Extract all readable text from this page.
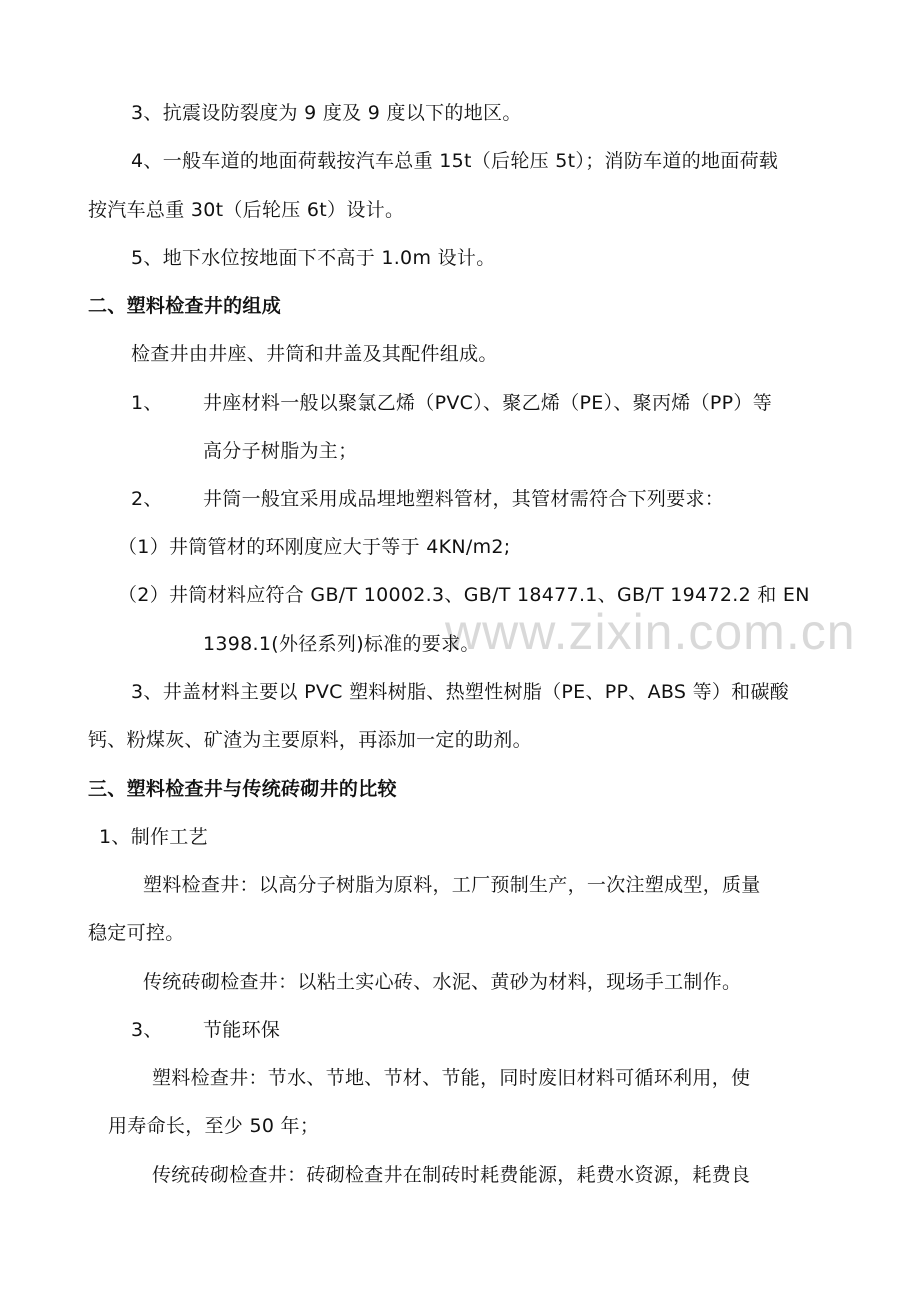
www.zixin.com.cn
3、抗震设防裂度为 9 度及 9 度以下的地区。
4、一般车道的地面荷载按汽车总重 15t（后轮压 5t）；消防车道的地面荷载
按汽车总重 30t（后轮压 6t）设计。
5、地下水位按地面下不高于 1.0m 设计。
二、塑料检查井的组成
检查井由井座、井筒和井盖及其配件组成。
1、 井座材料一般以聚氯乙烯（PVC）、聚乙烯（PE）、聚丙烯（PP）等
高分子树脂为主；
2、 井筒一般宜采用成品埋地塑料管材，其管材需符合下列要求：
（1）井筒管材的环刚度应大于等于 4KN/m2;
（2）井筒材料应符合 GB/T 10002.3、GB/T 18477.1、GB/T 19472.2 和 EN
1398.1(外径系列)标准的要求。
3、井盖材料主要以 PVC 塑料树脂、热塑性树脂（PE、PP、ABS 等）和碳酸
钙、粉煤灰、矿渣为主要原料，再添加一定的助剂。
三、塑料检查井与传统砖砌井的比较
1、制作工艺
塑料检查井：以高分子树脂为原料，工厂预制生产，一次注塑成型，质量
稳定可控。
传统砖砌检查井：以粘土实心砖、水泥、黄砂为材料，现场手工制作。
3、 节能环保
塑料检查井：节水、节地、节材、节能，同时废旧材料可循环利用，使
用寿命长，至少 50 年；
传统砖砌检查井：砖砌检查井在制砖时耗费能源，耗费水资源，耗费良
